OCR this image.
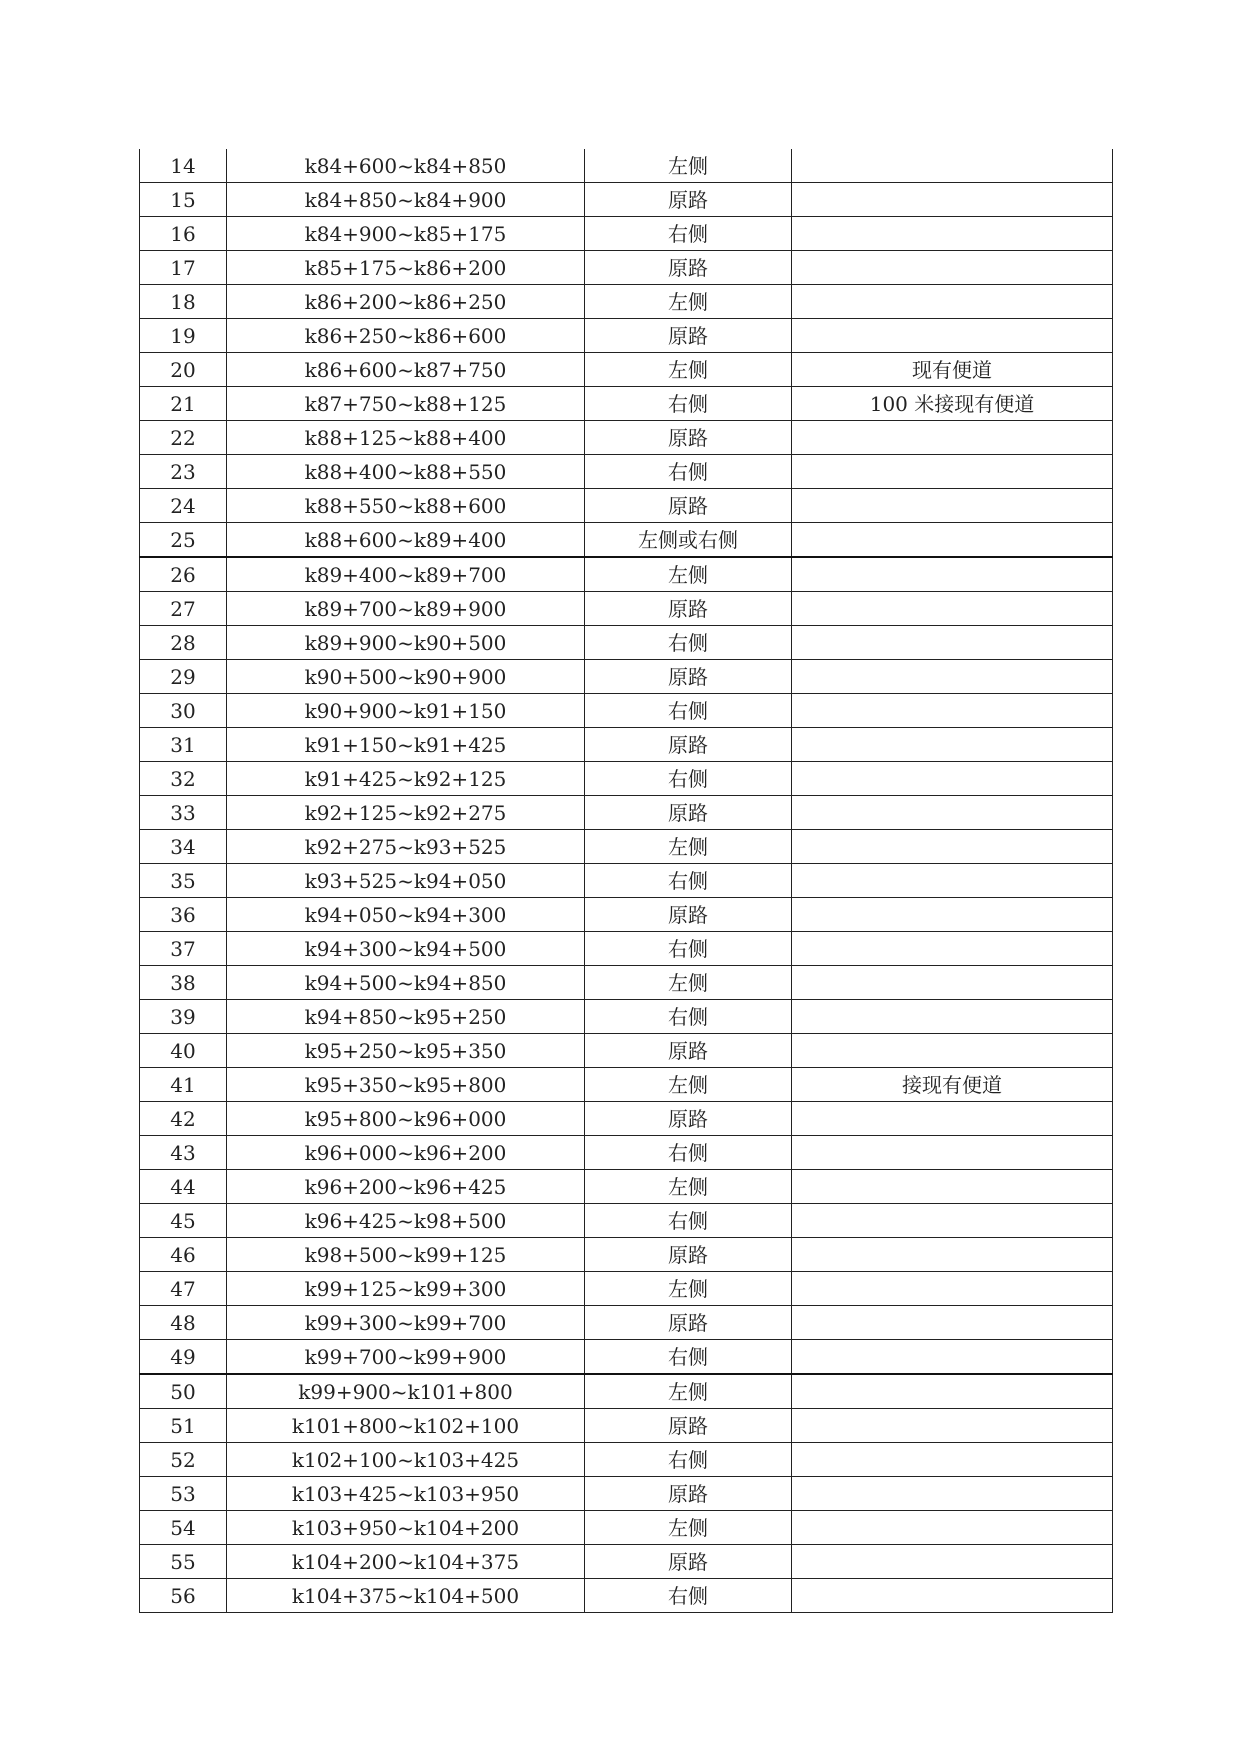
14	k84+600~k84+850	左侧	
15	k84+850~k84+900	原路	
16	k84+900~k85+175	右侧	
17	k85+175~k86+200	原路	
18	k86+200~k86+250	左侧	
19	k86+250~k86+600	原路	
20	k86+600~k87+750	左侧	现有便道
21	k87+750~k88+125	右侧	100 米接现有便道
22	k88+125~k88+400	原路	
23	k88+400~k88+550	右侧	
24	k88+550~k88+600	原路	
25	k88+600~k89+400	左侧或右侧	
26	k89+400~k89+700	左侧	
27	k89+700~k89+900	原路	
28	k89+900~k90+500	右侧	
29	k90+500~k90+900	原路	
30	k90+900~k91+150	右侧	
31	k91+150~k91+425	原路	
32	k91+425~k92+125	右侧	
33	k92+125~k92+275	原路	
34	k92+275~k93+525	左侧	
35	k93+525~k94+050	右侧	
36	k94+050~k94+300	原路	
37	k94+300~k94+500	右侧	
38	k94+500~k94+850	左侧	
39	k94+850~k95+250	右侧	
40	k95+250~k95+350	原路	
41	k95+350~k95+800	左侧	接现有便道
42	k95+800~k96+000	原路	
43	k96+000~k96+200	右侧	
44	k96+200~k96+425	左侧	
45	k96+425~k98+500	右侧	
46	k98+500~k99+125	原路	
47	k99+125~k99+300	左侧	
48	k99+300~k99+700	原路	
49	k99+700~k99+900	右侧	
50	k99+900~k101+800	左侧	
51	k101+800~k102+100	原路	
52	k102+100~k103+425	右侧	
53	k103+425~k103+950	原路	
54	k103+950~k104+200	左侧	
55	k104+200~k104+375	原路	
56	k104+375~k104+500	右侧	
